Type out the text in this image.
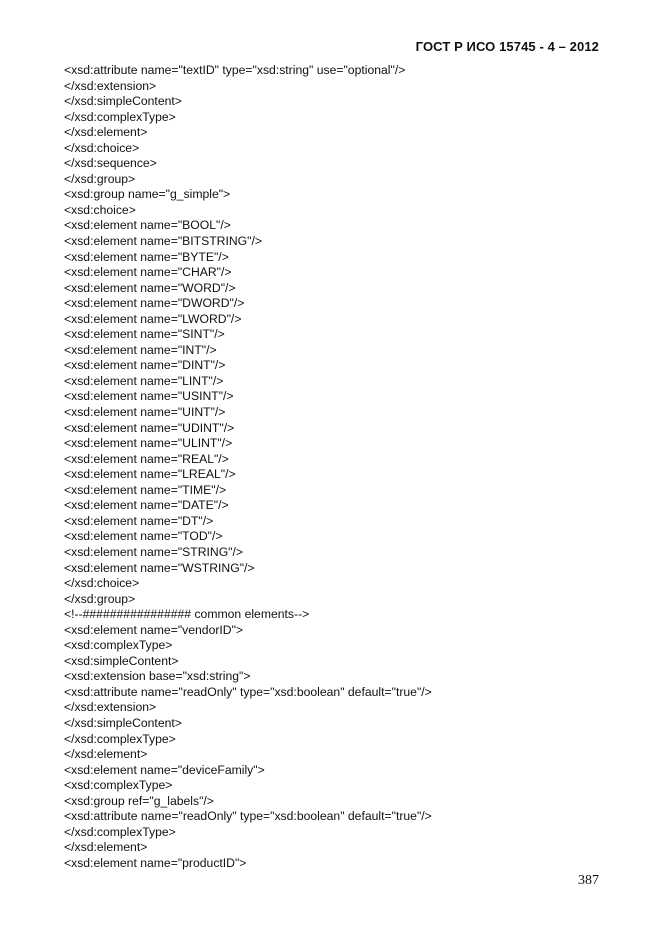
ГОСТ Р ИСО 15745 - 4 – 2012
<xsd:attribute name="textID" type="xsd:string" use="optional"/>
</xsd:extension>
</xsd:simpleContent>
</xsd:complexType>
</xsd:element>
</xsd:choice>
</xsd:sequence>
</xsd:group>
<xsd:group name="g_simple">
<xsd:choice>
<xsd:element name="BOOL"/>
<xsd:element name="BITSTRING"/>
<xsd:element name="BYTE"/>
<xsd:element name="CHAR"/>
<xsd:element name="WORD"/>
<xsd:element name="DWORD"/>
<xsd:element name="LWORD"/>
<xsd:element name="SINT"/>
<xsd:element name="INT"/>
<xsd:element name="DINT"/>
<xsd:element name="LINT"/>
<xsd:element name="USINT"/>
<xsd:element name="UINT"/>
<xsd:element name="UDINT"/>
<xsd:element name="ULINT"/>
<xsd:element name="REAL"/>
<xsd:element name="LREAL"/>
<xsd:element name="TIME"/>
<xsd:element name="DATE"/>
<xsd:element name="DT"/>
<xsd:element name="TOD"/>
<xsd:element name="STRING"/>
<xsd:element name="WSTRING"/>
</xsd:choice>
</xsd:group>
<!--################ common elements-->
<xsd:element name="vendorID">
<xsd:complexType>
<xsd:simpleContent>
<xsd:extension base="xsd:string">
<xsd:attribute name="readOnly" type="xsd:boolean" default="true"/>
</xsd:extension>
</xsd:simpleContent>
</xsd:complexType>
</xsd:element>
<xsd:element name="deviceFamily">
<xsd:complexType>
<xsd:group ref="g_labels"/>
<xsd:attribute name="readOnly" type="xsd:boolean" default="true"/>
</xsd:complexType>
</xsd:element>
<xsd:element name="productID">
387
